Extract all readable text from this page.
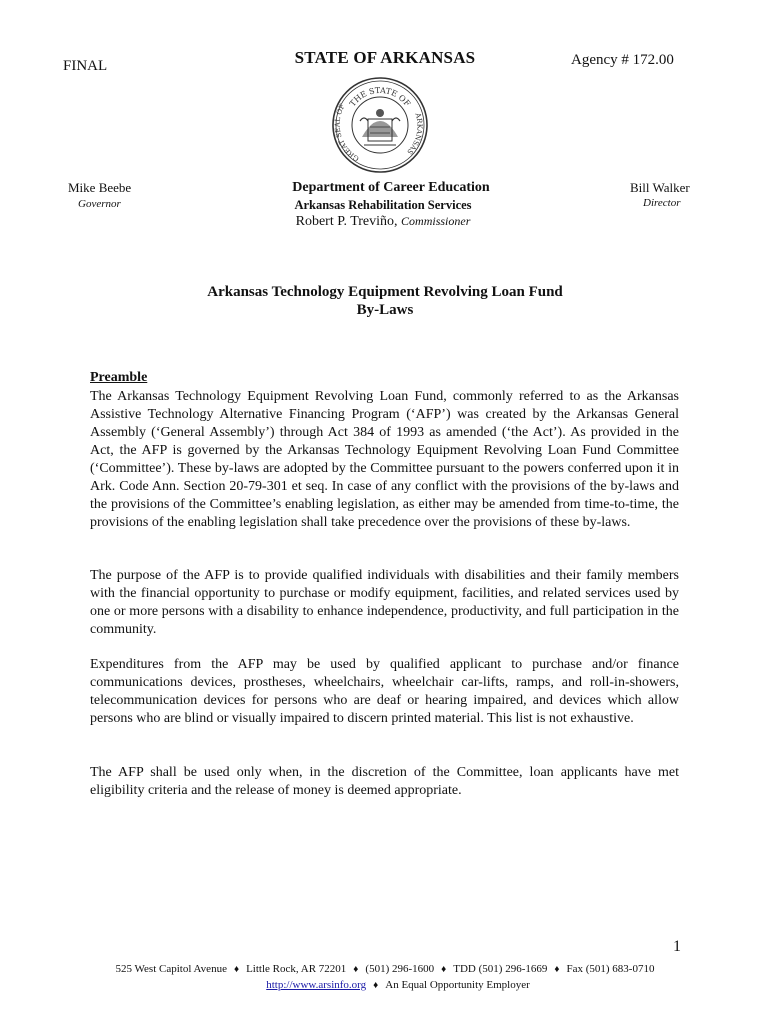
FINAL	STATE OF ARKANSAS	Agency # 172.00
THE STATE OF
GREAT SEAL OF
ARKANSAS
Mike Beebe
Governor
Bill Walker
Director
Department of Career Education
Arkansas Rehabilitation Services
Robert P. Treviño, Commissioner
Arkansas Technology Equipment Revolving Loan Fund
By-Laws
Preamble
The Arkansas Technology Equipment Revolving Loan Fund, commonly referred to as the Arkansas Assistive Technology Alternative Financing Program (‘AFP’) was created by the Arkansas General Assembly (‘General Assembly’) through Act 384 of 1993 as amended (‘the Act’). As provided in the Act, the AFP is governed by the Arkansas Technology Equipment Revolving Loan Fund Committee (‘Committee’). These by-laws are adopted by the Committee pursuant to the powers conferred upon it in Ark. Code Ann. Section 20-79-301 et seq. In case of any conflict with the provisions of the by-laws and the provisions of the Committee’s enabling legislation, as either may be amended from time-to-time, the provisions of the enabling legislation shall take precedence over the provisions of these by-laws.
The purpose of the AFP is to provide qualified individuals with disabilities and their family members with the financial opportunity to purchase or modify equipment, facilities, and related services used by one or more persons with a disability to enhance independence, productivity, and full participation in the community.
Expenditures from the AFP may be used by qualified applicant to purchase and/or finance communications devices, prostheses, wheelchairs, wheelchair car-lifts, ramps, and roll-in-showers, telecommunication devices for persons who are deaf or hearing impaired, and devices which allow persons who are blind or visually impaired to discern printed material. This list is not exhaustive.
The AFP shall be used only when, in the discretion of the Committee, loan applicants have met eligibility criteria and the release of money is deemed appropriate.
1
525 West Capitol Avenue ♦ Little Rock, AR 72201 ♦ (501) 296-1600 ♦ TDD (501) 296-1669 ♦ Fax (501) 683-0710
http://www.arsinfo.org ♦ An Equal Opportunity Employer
